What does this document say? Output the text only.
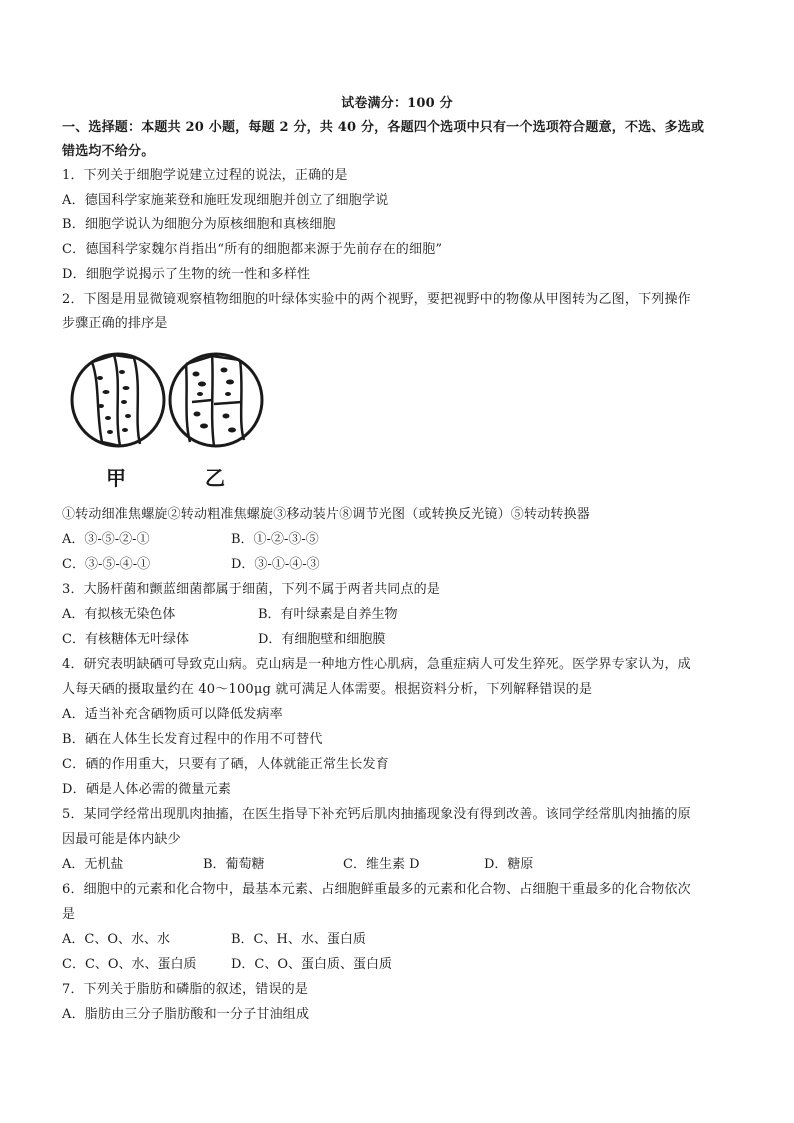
试卷满分：100 分
一、选择题：本题共 20 小题，每题 2 分，共 40 分，各题四个选项中只有一个选项符合题意，不选、多选或
错选均不给分。
1．下列关于细胞学说建立过程的说法，正确的是
A．德国科学家施莱登和施旺发现细胞并创立了细胞学说
B．细胞学说认为细胞分为原核细胞和真核细胞
C．德国科学家魏尔肖指出“所有的细胞都来源于先前存在的细胞”
D．细胞学说揭示了生物的统一性和多样性
2．下图是用显微镜观察植物细胞的叶绿体实验中的两个视野，要把视野中的物像从甲图转为乙图，下列操作
步骤正确的排序是
甲	乙
①转动细准焦螺旋②转动粗准焦螺旋③移动装片⑧调节光图（或转换反光镜）⑤转动转换器
A．③-⑤-②-①	B．①-②-③-⑤
C．③-⑤-④-①	D．③-①-④-③
3．大肠杆菌和颤蓝细菌都属于细菌，下列不属于两者共同点的是
A．有拟核无染色体	B．有叶绿素是自养生物
C．有核糖体无叶绿体	D．有细胞壁和细胞膜
4．研究表明缺硒可导致克山病。克山病是一种地方性心肌病，急重症病人可发生猝死。医学界专家认为，成
人每天硒的摄取量约在 40～100μg 就可满足人体需要。根据资料分析，下列解释错误的是
A．适当补充含硒物质可以降低发病率
B．硒在人体生长发育过程中的作用不可替代
C．硒的作用重大，只要有了硒，人体就能正常生长发育
D．硒是人体必需的微量元素
5．某同学经常出现肌肉抽搐，在医生指导下补充钙后肌肉抽搐现象没有得到改善。该同学经常肌肉抽搐的原
因最可能是体内缺少
A．无机盐	B．葡萄糖	C．维生素 D	D．糖原
6．细胞中的元素和化合物中，最基本元素、占细胞鲜重最多的元素和化合物、占细胞干重最多的化合物依次
是
A．C、O、水、水	B．C、H、水、蛋白质
C．C、O、水、蛋白质	D．C、O、蛋白质、蛋白质
7．下列关于脂肪和磷脂的叙述，错误的是
A．脂肪由三分子脂肪酸和一分子甘油组成
